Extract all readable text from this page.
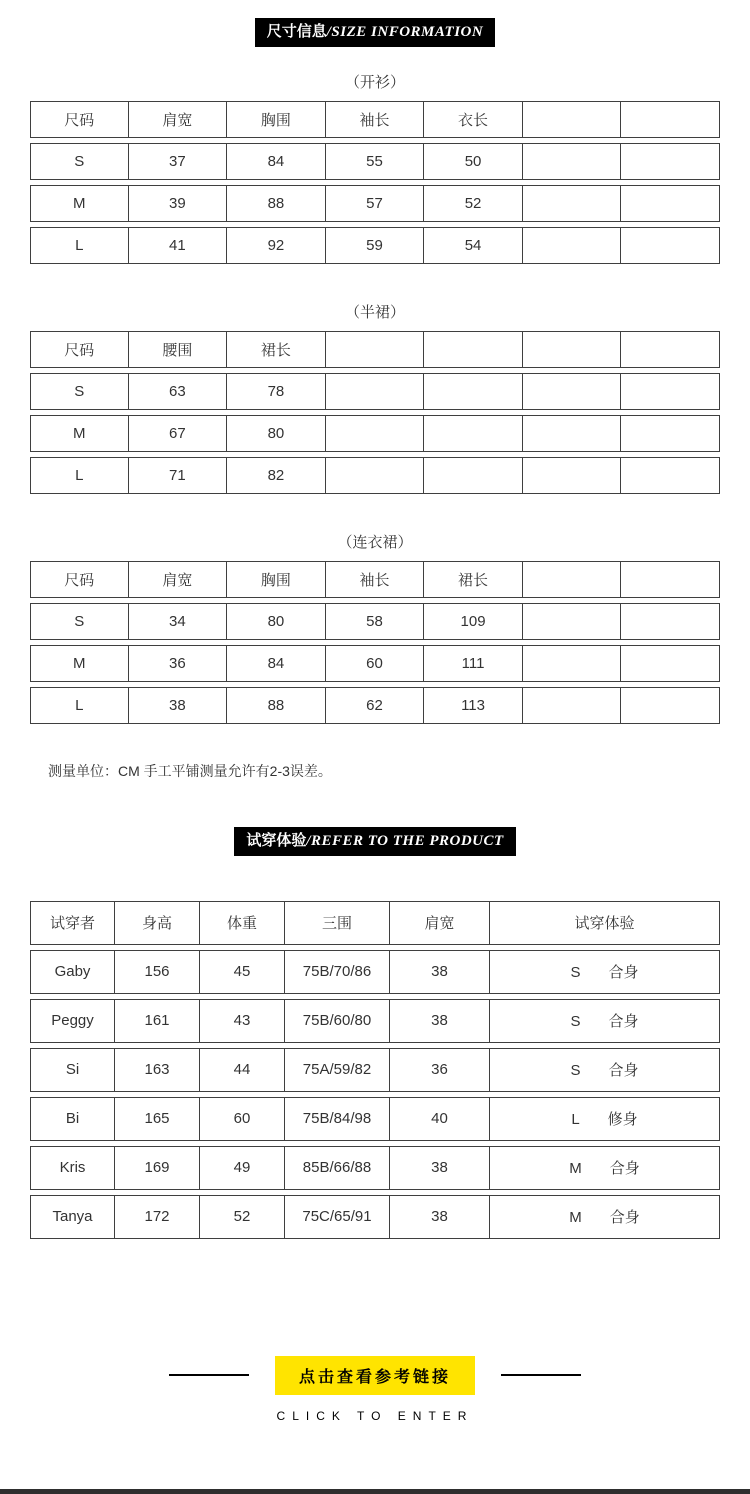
尺寸信息/SIZE INFORMATION
（开衫）
尺码	肩宽	胸围	袖长	衣长		
S	37	84	55	50		
M	39	88	57	52		
L	41	92	59	54		
（半裙）
尺码	腰围	裙长				
S	63	78				
M	67	80				
L	71	82				
（连衣裙）
尺码	肩宽	胸围	袖长	裙长		
S	34	80	58	109		
M	36	84	60	111		
L	38	88	62	113		
测量单位：CM 手工平铺测量允许有2-3误差。
试穿体验/REFER TO THE PRODUCT
试穿者	身高	体重	三围	肩宽	试穿体验
Gaby	156	45	75B/70/86	38	S 合身
Peggy	161	43	75B/60/80	38	S 合身
Si	163	44	75A/59/82	36	S 合身
Bi	165	60	75B/84/98	40	L 修身
Kris	169	49	85B/66/88	38	M 合身
Tanya	172	52	75C/65/91	38	M 合身
点击查看参考链接
CLICK TO ENTER
